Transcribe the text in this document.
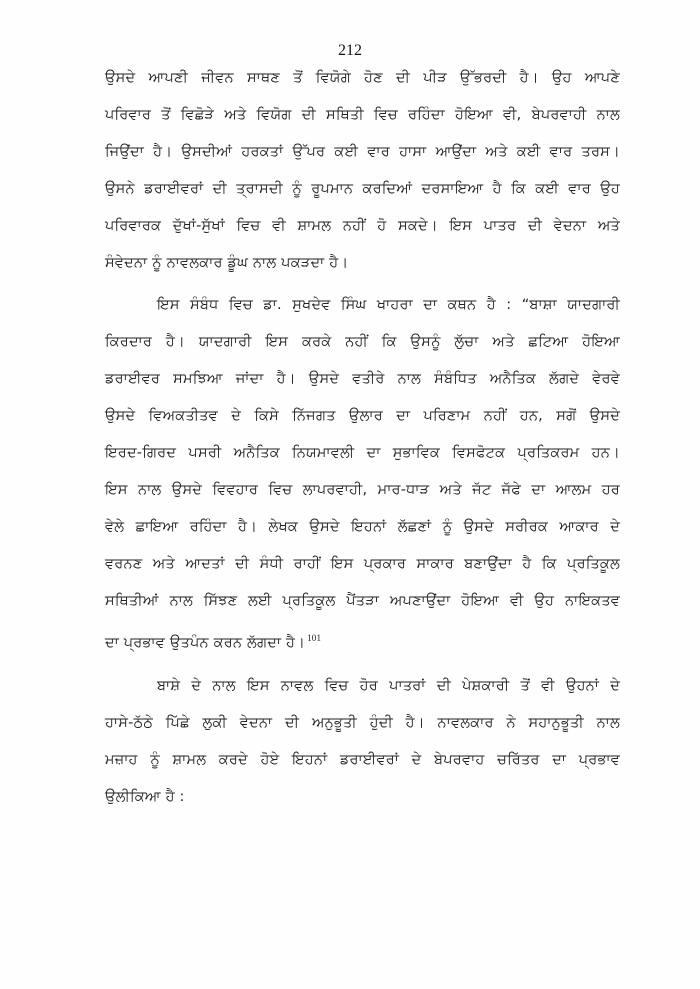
212
ਉਸਦੇ ਆਪਣੀ ਜੀਵਨ ਸਾਥਣ ਤੋਂ ਵਿਯੋਗੇ ਹੋਣ ਦੀ ਪੀੜ ਉੱਭਰਦੀ ਹੈ। ਉਹ ਆਪਣੇ
ਪਰਿਵਾਰ ਤੋਂ ਵਿਛੋੜੇ ਅਤੇ ਵਿਯੋਗ ਦੀ ਸਥਿਤੀ ਵਿਚ ਰਹਿੰਦਾ ਹੋਇਆ ਵੀ, ਬੇਪਰਵਾਹੀ ਨਾਲ
ਜਿਉਂਦਾ ਹੈ। ਉਸਦੀਆਂ ਹਰਕਤਾਂ ਉੱਪਰ ਕਈ ਵਾਰ ਹਾਸਾ ਆਉਂਦਾ ਅਤੇ ਕਈ ਵਾਰ ਤਰਸ।
ਉਸਨੇ ਡਰਾਈਵਰਾਂ ਦੀ ਤ੍ਰਾਸਦੀ ਨੂੰ ਰੂਪਮਾਨ ਕਰਦਿਆਂ ਦਰਸਾਇਆ ਹੈ ਕਿ ਕਈ ਵਾਰ ਉਹ
ਪਰਿਵਾਰਕ ਦੁੱਖਾਂ-ਸੁੱਖਾਂ ਵਿਚ ਵੀ ਸ਼ਾਮਲ ਨਹੀਂ ਹੋ ਸਕਦੇ। ਇਸ ਪਾਤਰ ਦੀ ਵੇਦਨਾ ਅਤੇ
ਸੰਵੇਦਨਾ ਨੂੰ ਨਾਵਲਕਾਰ ਡੂੰਘ ਨਾਲ ਪਕੜਦਾ ਹੈ।
ਇਸ ਸੰਬੰਧ ਵਿਚ ਡਾ. ਸੁਖਦੇਵ ਸਿੰਘ ਖਾਹਰਾ ਦਾ ਕਥਨ ਹੈ : “ਬਾਸ਼ਾ ਯਾਦਗਾਰੀ
ਕਿਰਦਾਰ ਹੈ। ਯਾਦਗਾਰੀ ਇਸ ਕਰਕੇ ਨਹੀਂ ਕਿ ਉਸਨੂੰ ਲੁੱਚਾ ਅਤੇ ਛਟਿਆ ਹੋਇਆ
ਡਰਾਈਵਰ ਸਮਝਿਆ ਜਾਂਦਾ ਹੈ। ਉਸਦੇ ਵਤੀਰੇ ਨਾਲ ਸੰਬੰਧਿਤ ਅਨੈਤਿਕ ਲੱਗਦੇ ਵੇਰਵੇ
ਉਸਦੇ ਵਿਅਕਤੀਤਵ ਦੇ ਕਿਸੇ ਨਿੱਜਗਤ ਉਲਾਰ ਦਾ ਪਰਿਣਾਮ ਨਹੀਂ ਹਨ, ਸਗੋਂ ਉਸਦੇ
ਇਰਦ-ਗਿਰਦ ਪਸਰੀ ਅਨੈਤਿਕ ਨਿਯਮਾਵਲੀ ਦਾ ਸੁਭਾਵਿਕ ਵਿਸਫੋਟਕ ਪ੍ਰਤਿਕਰਮ ਹਨ।
ਇਸ ਨਾਲ ਉਸਦੇ ਵਿਵਹਾਰ ਵਿਚ ਲਾਪਰਵਾਹੀ, ਮਾਰ-ਧਾੜ ਅਤੇ ਜੱਟ ਜੱਫੇ ਦਾ ਆਲਮ ਹਰ
ਵੇਲੇ ਛਾਇਆ ਰਹਿੰਦਾ ਹੈ। ਲੇਖਕ ਉਸਦੇ ਇਹਨਾਂ ਲੱਛਣਾਂ ਨੂੰ ਉਸਦੇ ਸਰੀਰਕ ਆਕਾਰ ਦੇ
ਵਰਨਣ ਅਤੇ ਆਦਤਾਂ ਦੀ ਸੰਧੀ ਰਾਹੀਂ ਇਸ ਪ੍ਰਕਾਰ ਸਾਕਾਰ ਬਣਾਉਂਦਾ ਹੈ ਕਿ ਪ੍ਰਤਿਕੂਲ
ਸਥਿਤੀਆਂ ਨਾਲ ਸਿੱਝਣ ਲਈ ਪ੍ਰਤਿਕੂਲ ਪੈਂਤੜਾ ਅਪਣਾਉਂਦਾ ਹੋਇਆ ਵੀ ਉਹ ਨਾਇਕਤਵ
ਦਾ ਪ੍ਰਭਾਵ ਉਤਪੰਨ ਕਰਨ ਲੱਗਦਾ ਹੈ। $^{101}$
ਬਾਸ਼ੇ ਦੇ ਨਾਲ ਇਸ ਨਾਵਲ ਵਿਚ ਹੋਰ ਪਾਤਰਾਂ ਦੀ ਪੇਸ਼ਕਾਰੀ ਤੋਂ ਵੀ ਉਹਨਾਂ ਦੇ
ਹਾਸੇ-ਠੱਠੇ ਪਿੱਛੇ ਲੁਕੀ ਵੇਦਨਾ ਦੀ ਅਨੁਭੂਤੀ ਹੁੰਦੀ ਹੈ। ਨਾਵਲਕਾਰ ਨੇ ਸਹਾਨੁਭੂਤੀ ਨਾਲ
ਮਜ਼ਾਹ ਨੂੰ ਸ਼ਾਮਲ ਕਰਦੇ ਹੋਏ ਇਹਨਾਂ ਡਰਾਈਵਰਾਂ ਦੇ ਬੇਪਰਵਾਹ ਚਰਿੱਤਰ ਦਾ ਪ੍ਰਭਾਵ
ਉਲੀਕਿਆ ਹੈ :
